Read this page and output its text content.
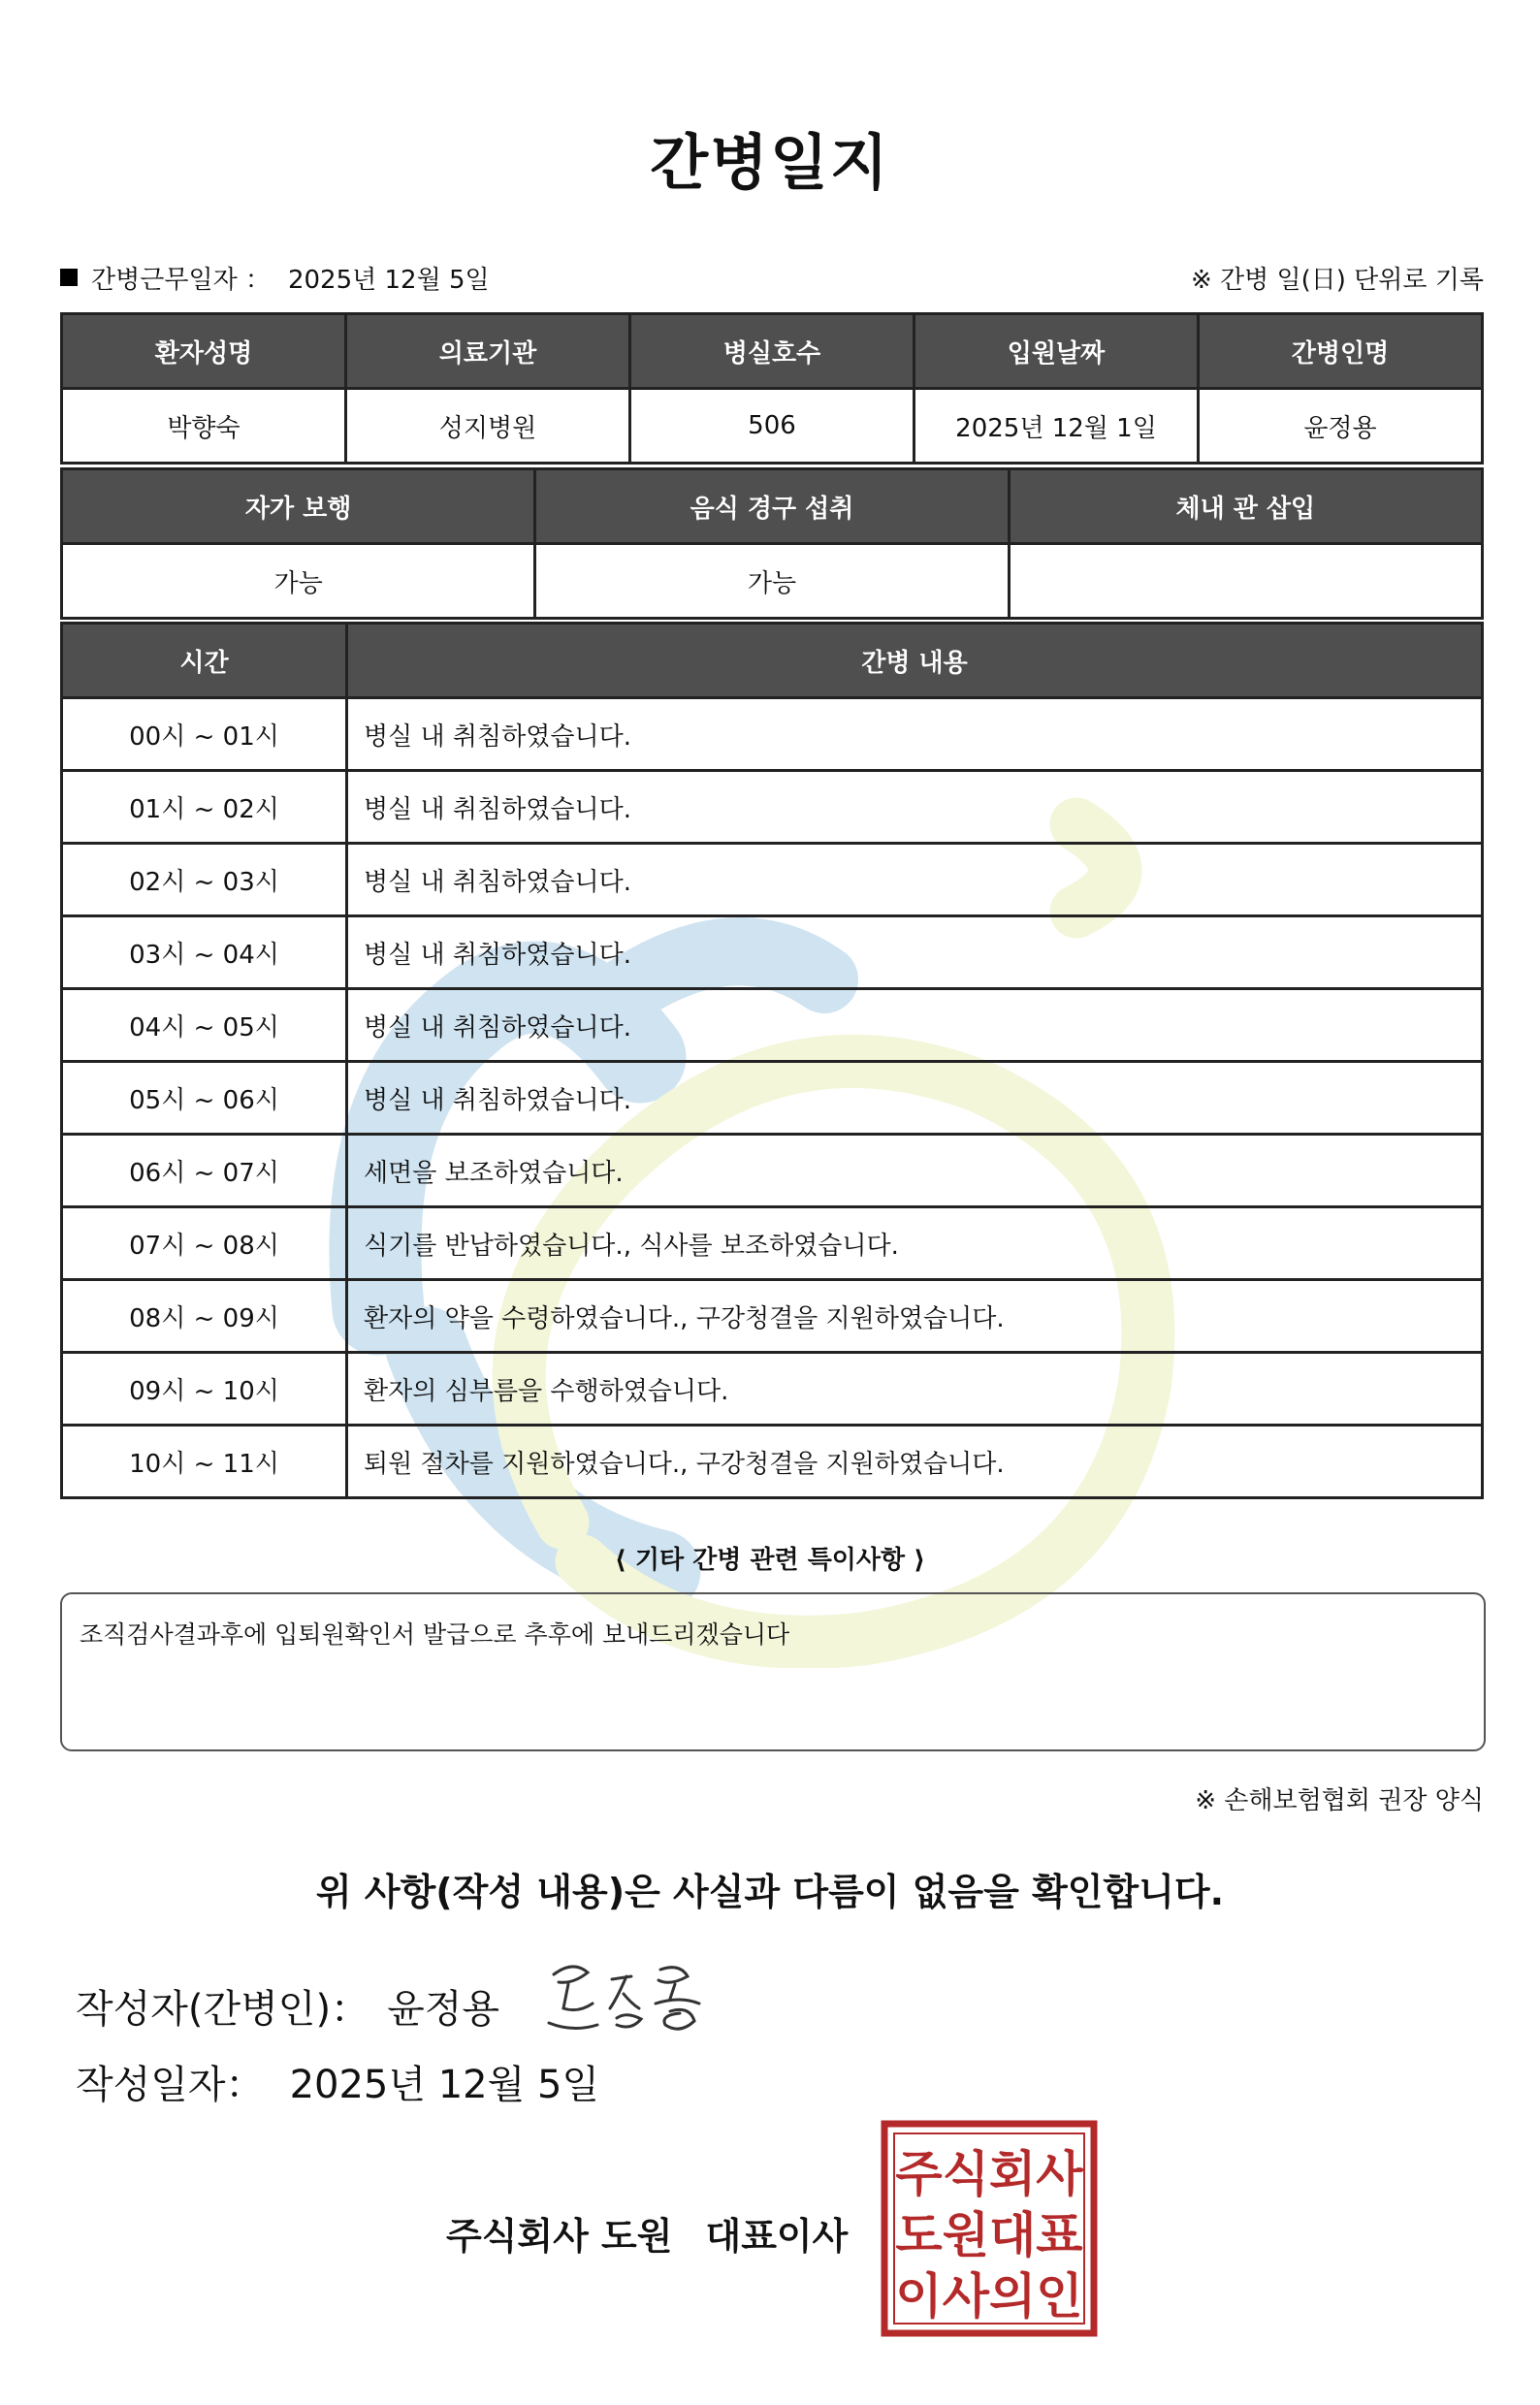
간병일지
간병근무일자 ： 2025년 12월 5일	※ 간병 일(日) 단위로 기록
환자성명	의료기관	병실호수	입원날짜	간병인명
박향숙	성지병원	506	2025년 12월 1일	윤정용
자가 보행	음식 경구 섭취	체내 관 삽입
가능	가능	
시간	간병 내용
00시 ~ 01시	병실 내 취침하였습니다.
01시 ~ 02시	병실 내 취침하였습니다.
02시 ~ 03시	병실 내 취침하였습니다.
03시 ~ 04시	병실 내 취침하였습니다.
04시 ~ 05시	병실 내 취침하였습니다.
05시 ~ 06시	병실 내 취침하였습니다.
06시 ~ 07시	세면을 보조하였습니다.
07시 ~ 08시	식기를 반납하였습니다., 식사를 보조하였습니다.
08시 ~ 09시	환자의 약을 수령하였습니다., 구강청결을 지원하였습니다.
09시 ~ 10시	환자의 심부름을 수행하였습니다.
10시 ~ 11시	퇴원 절차를 지원하였습니다., 구강청결을 지원하였습니다.
⟨ 기타 간병 관련 특이사항 ⟩
조직검사결과후에 입퇴원확인서 발급으로 추후에 보내드리겠습니다
※ 손해보험협회 권장 양식
위 사항(작성 내용)은 사실과 다름이 없음을 확인합니다.
작성자(간병인)： 윤정용
작성일자： 2025년 12월 5일
주식회사 도원 대표이사
주식회사
도원대표
이사의인
